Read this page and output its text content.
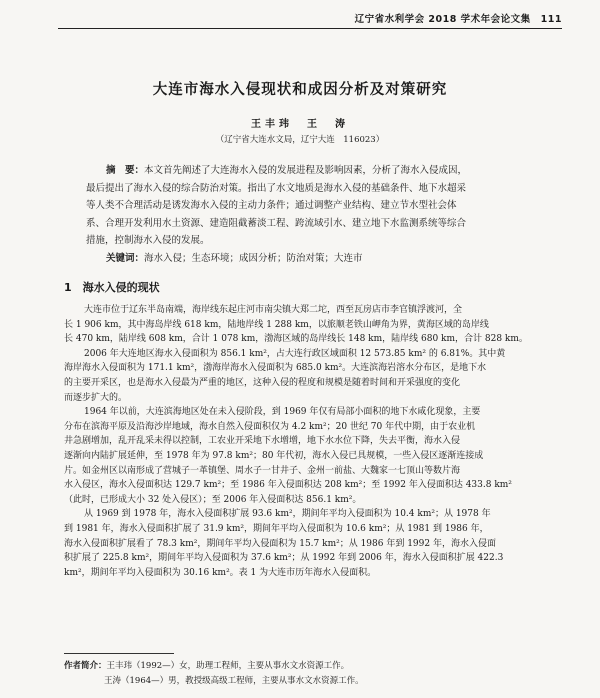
辽宁省水利学会 2018 学术年会论文集 111
大连市海水入侵现状和成因分析及对策研究
王丰玮　王　涛
（辽宁省大连水文局，辽宁大连　116023）
摘　要：本文首先阐述了大连海水入侵的发展进程及影响因素，分析了海水入侵成因，
最后提出了海水入侵的综合防治对策。指出了水文地质是海水入侵的基础条件、地下水超采
等人类不合理活动是诱发海水入侵的主动力条件；通过调整产业结构、建立节水型社会体
系、合理开发利用水土资源、建造阻截蓄淡工程、跨流域引水、建立地下水监测系统等综合
措施，控制海水入侵的发展。
关键词：海水入侵；生态环境；成因分析；防治对策；大连市
1　海水入侵的现状
大连市位于辽东半岛南端，海岸线东起庄河市南尖镇大郑二坨，西至瓦房店市李官镇浮渡河，全
长 1 906 km，其中海岛岸线 618 km，陆地岸线 1 288 km，以旅顺老铁山岬角为界，黄海区域的岛岸线
长 470 km，陆岸线 608 km，合计 1 078 km，渤海区域的岛岸线长 148 km，陆岸线 680 km，合计 828 km。
2006 年大连地区海水入侵面积为 856.1 km²，占大连行政区域面积 12 573.85 km² 的 6.81%。其中黄
海岸海水入侵面积为 171.1 km²，渤海岸海水入侵面积为 685.0 km²。大连滨海岩溶水分布区，是地下水
的主要开采区，也是海水入侵最为严重的地区，这种入侵的程度和规模是随着时间和开采强度的变化
而逐步扩大的。
1964 年以前，大连滨海地区处在未入侵阶段，到 1969 年仅有局部小面积的地下水咸化现象，主要
分布在滨海平原及沿海沙岸地域，海水自然入侵面积仅为 4.2 km²；20 世纪 70 年代中期，由于农业机
井急剧增加，乱开乱采未得以控制，工农业开采地下水增增，地下水水位下降，失去平衡，海水入侵
逐渐向内陆扩展延伸，至 1978 年为 97.8 km²；80 年代初，海水入侵已具规模，一些入侵区逐渐连接成
片。如金州区以南形成了营城子一革镇堡、周水子一甘井子、金州一前盐、大魏家一七顶山等数片海
水入侵区，海水入侵面积达 129.7 km²；至 1986 年入侵面积达 208 km²；至 1992 年入侵面积达 433.8 km²
（此时，已形成大小 32 处入侵区）；至 2006 年入侵面积达 856.1 km²。
从 1969 到 1978 年，海水入侵面积扩展 93.6 km²，期间年平均入侵面积为 10.4 km²；从 1978 年
到 1981 年，海水入侵面积扩展了 31.9 km²，期间年平均入侵面积为 10.6 km²；从 1981 到 1986 年，
海水入侵面积扩展看了 78.3 km²，期间年平均入侵面积为 15.7 km²；从 1986 年到 1992 年，海水入侵面
积扩展了 225.8 km²，期间年平均入侵面积为 37.6 km²；从 1992 年到 2006 年，海水入侵面积扩展 422.3
km²，期间年平均入侵面积为 30.16 km²。表 1 为大连市历年海水入侵面积。
作者简介：王丰玮（1992—）女，助理工程师，主要从事水文水资源工作。
王涛（1964—）男，教授级高级工程师，主要从事水文水资源工作。
